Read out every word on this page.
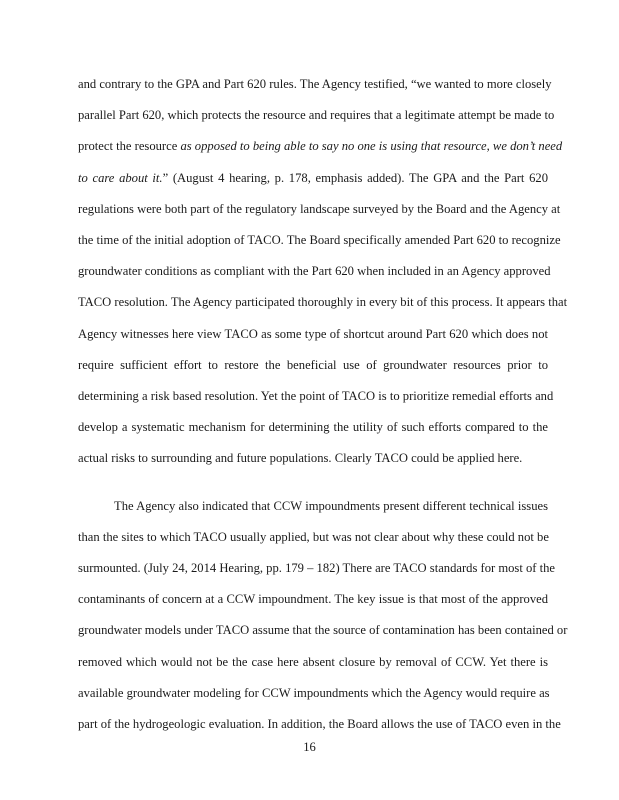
and contrary to the GPA and Part 620 rules. The Agency testified, “we wanted to more closely
parallel Part 620, which protects the resource and requires that a legitimate attempt be made to
protect the resource as opposed to being able to say no one is using that resource, we don’t need
to care about it.” (August 4 hearing, p. 178, emphasis added). The GPA and the Part 620
regulations were both part of the regulatory landscape surveyed by the Board and the Agency at
the time of the initial adoption of TACO. The Board specifically amended Part 620 to recognize
groundwater conditions as compliant with the Part 620 when included in an Agency approved
TACO resolution. The Agency participated thoroughly in every bit of this process. It appears that
Agency witnesses here view TACO as some type of shortcut around Part 620 which does not
require sufficient effort to restore the beneficial use of groundwater resources prior to
determining a risk based resolution. Yet the point of TACO is to prioritize remedial efforts and
develop a systematic mechanism for determining the utility of such efforts compared to the
actual risks to surrounding and future populations. Clearly TACO could be applied here.
The Agency also indicated that CCW impoundments present different technical issues
than the sites to which TACO usually applied, but was not clear about why these could not be
surmounted. (July 24, 2014 Hearing, pp. 179 – 182) There are TACO standards for most of the
contaminants of concern at a CCW impoundment. The key issue is that most of the approved
groundwater models under TACO assume that the source of contamination has been contained or
removed which would not be the case here absent closure by removal of CCW. Yet there is
available groundwater modeling for CCW impoundments which the Agency would require as
part of the hydrogeologic evaluation. In addition, the Board allows the use of TACO even in the
16
